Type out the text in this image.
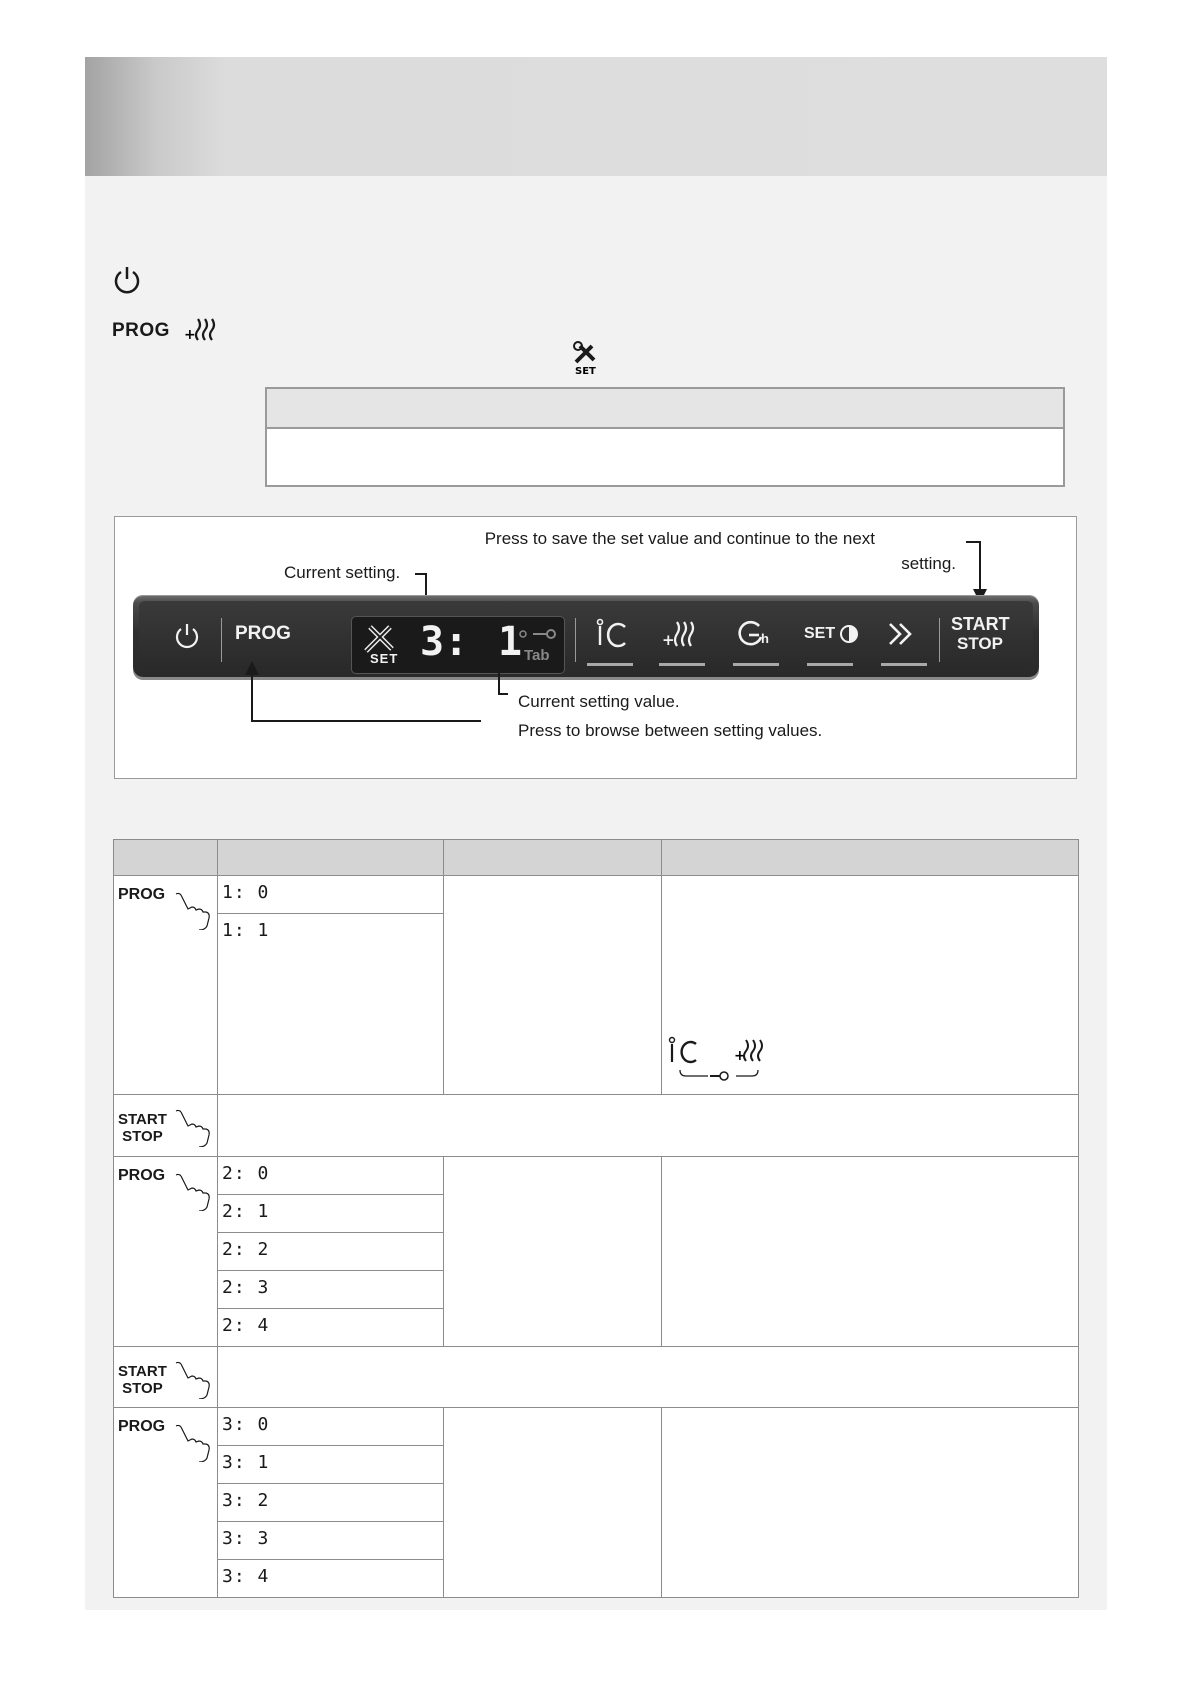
PROG +
SET
Press to save the set value and continue to the next
setting.
Current setting.
PROG
SET 3: 1 Tab
+	h SET	START
STOP
Current setting value.
Press to browse between setting values.

PROG	1: 0		+

	1: 1		

START
STOP			

PROG	2: 0		

	2: 1		

	2: 2		

	2: 3		

	2: 4		

START
STOP			

PROG	3: 0		

	3: 1		

	3: 2		

	3: 3		

	3: 4		
